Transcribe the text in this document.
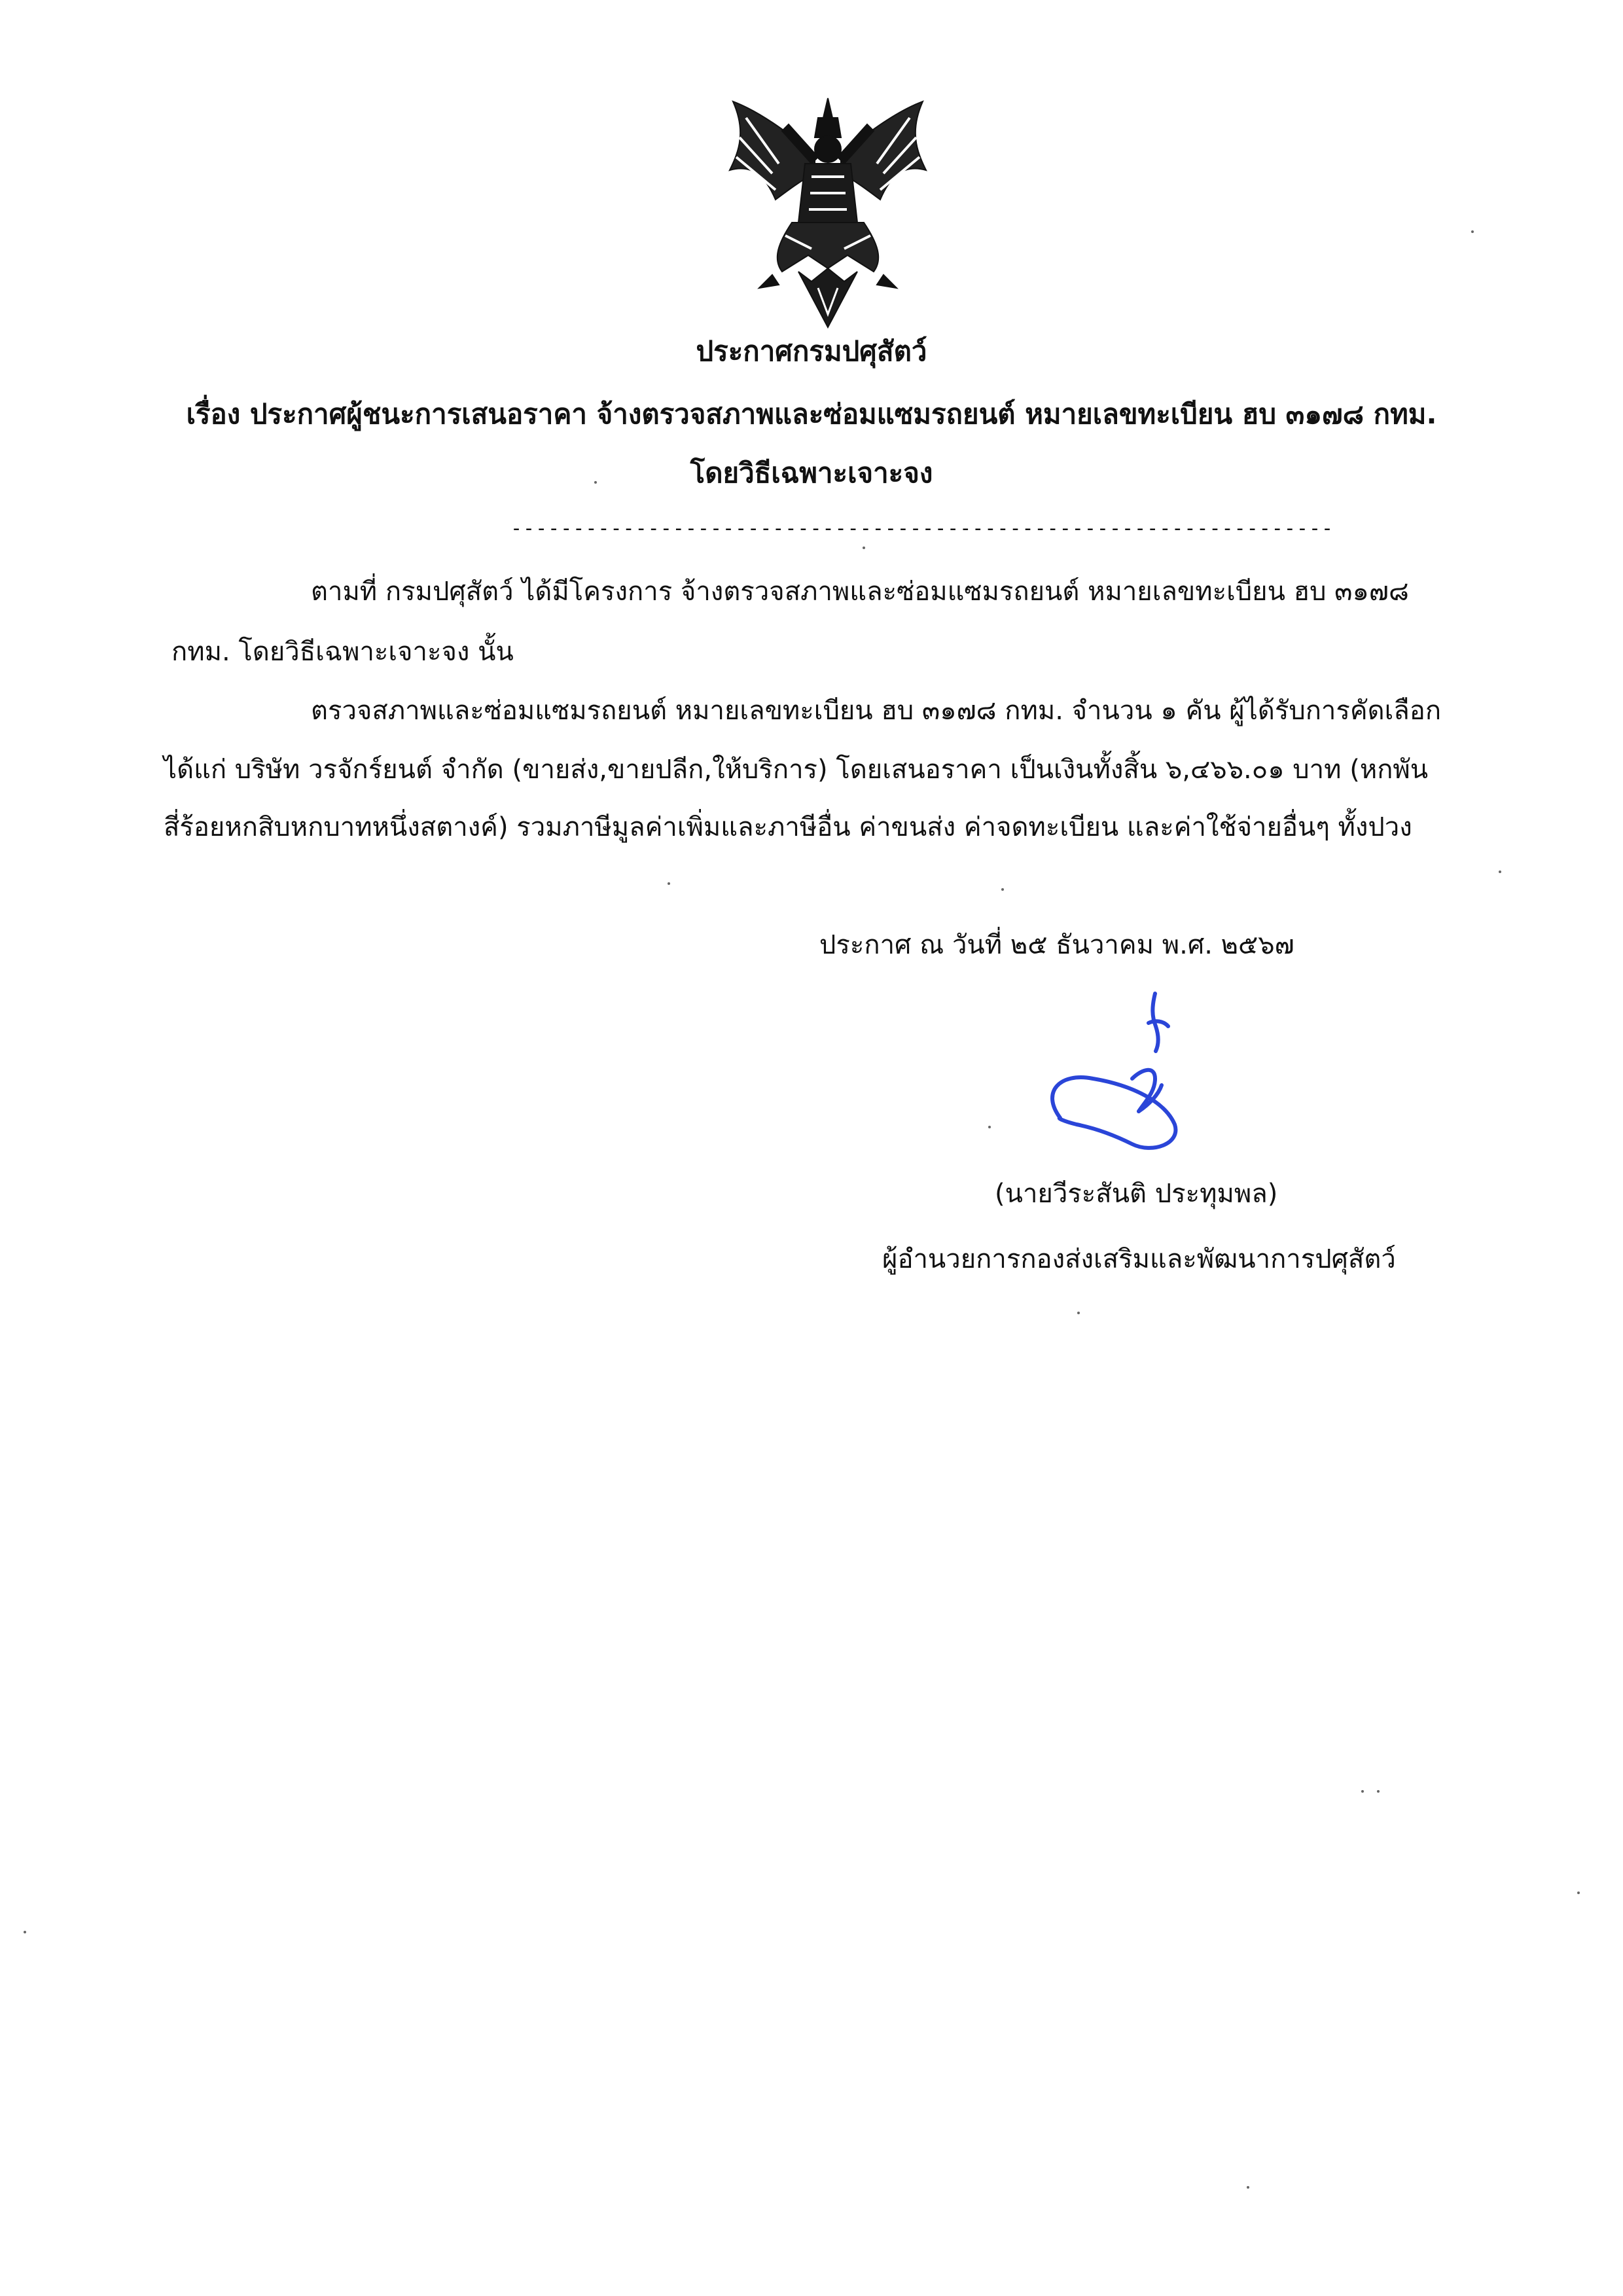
ประกาศกรมปศุสัตว์
เรื่อง ประกาศผู้ชนะการเสนอราคา จ้างตรวจสภาพและซ่อมแซมรถยนต์ หมายเลขทะเบียน ฮบ ๓๑๗๘ กทม.
โดยวิธีเฉพาะเจาะจง
------------------------------------------------------------------
ตามที่ กรมปศุสัตว์ ได้มีโครงการ จ้างตรวจสภาพและซ่อมแซมรถยนต์ หมายเลขทะเบียน ฮบ ๓๑๗๘
กทม. โดยวิธีเฉพาะเจาะจง นั้น
ตรวจสภาพและซ่อมแซมรถยนต์ หมายเลขทะเบียน ฮบ ๓๑๗๘ กทม. จำนวน ๑ คัน ผู้ได้รับการคัดเลือก
ได้แก่ บริษัท วรจักร์ยนต์ จำกัด (ขายส่ง,ขายปลีก,ให้บริการ) โดยเสนอราคา เป็นเงินทั้งสิ้น ๖,๔๖๖.๐๑ บาท (หกพัน
สี่ร้อยหกสิบหกบาทหนึ่งสตางค์) รวมภาษีมูลค่าเพิ่มและภาษีอื่น ค่าขนส่ง ค่าจดทะเบียน และค่าใช้จ่ายอื่นๆ ทั้งปวง
ประกาศ ณ วันที่ ๒๕ ธันวาคม พ.ศ. ๒๕๖๗
(นายวีระสันติ ประทุมพล)
ผู้อำนวยการกองส่งเสริมและพัฒนาการปศุสัตว์
